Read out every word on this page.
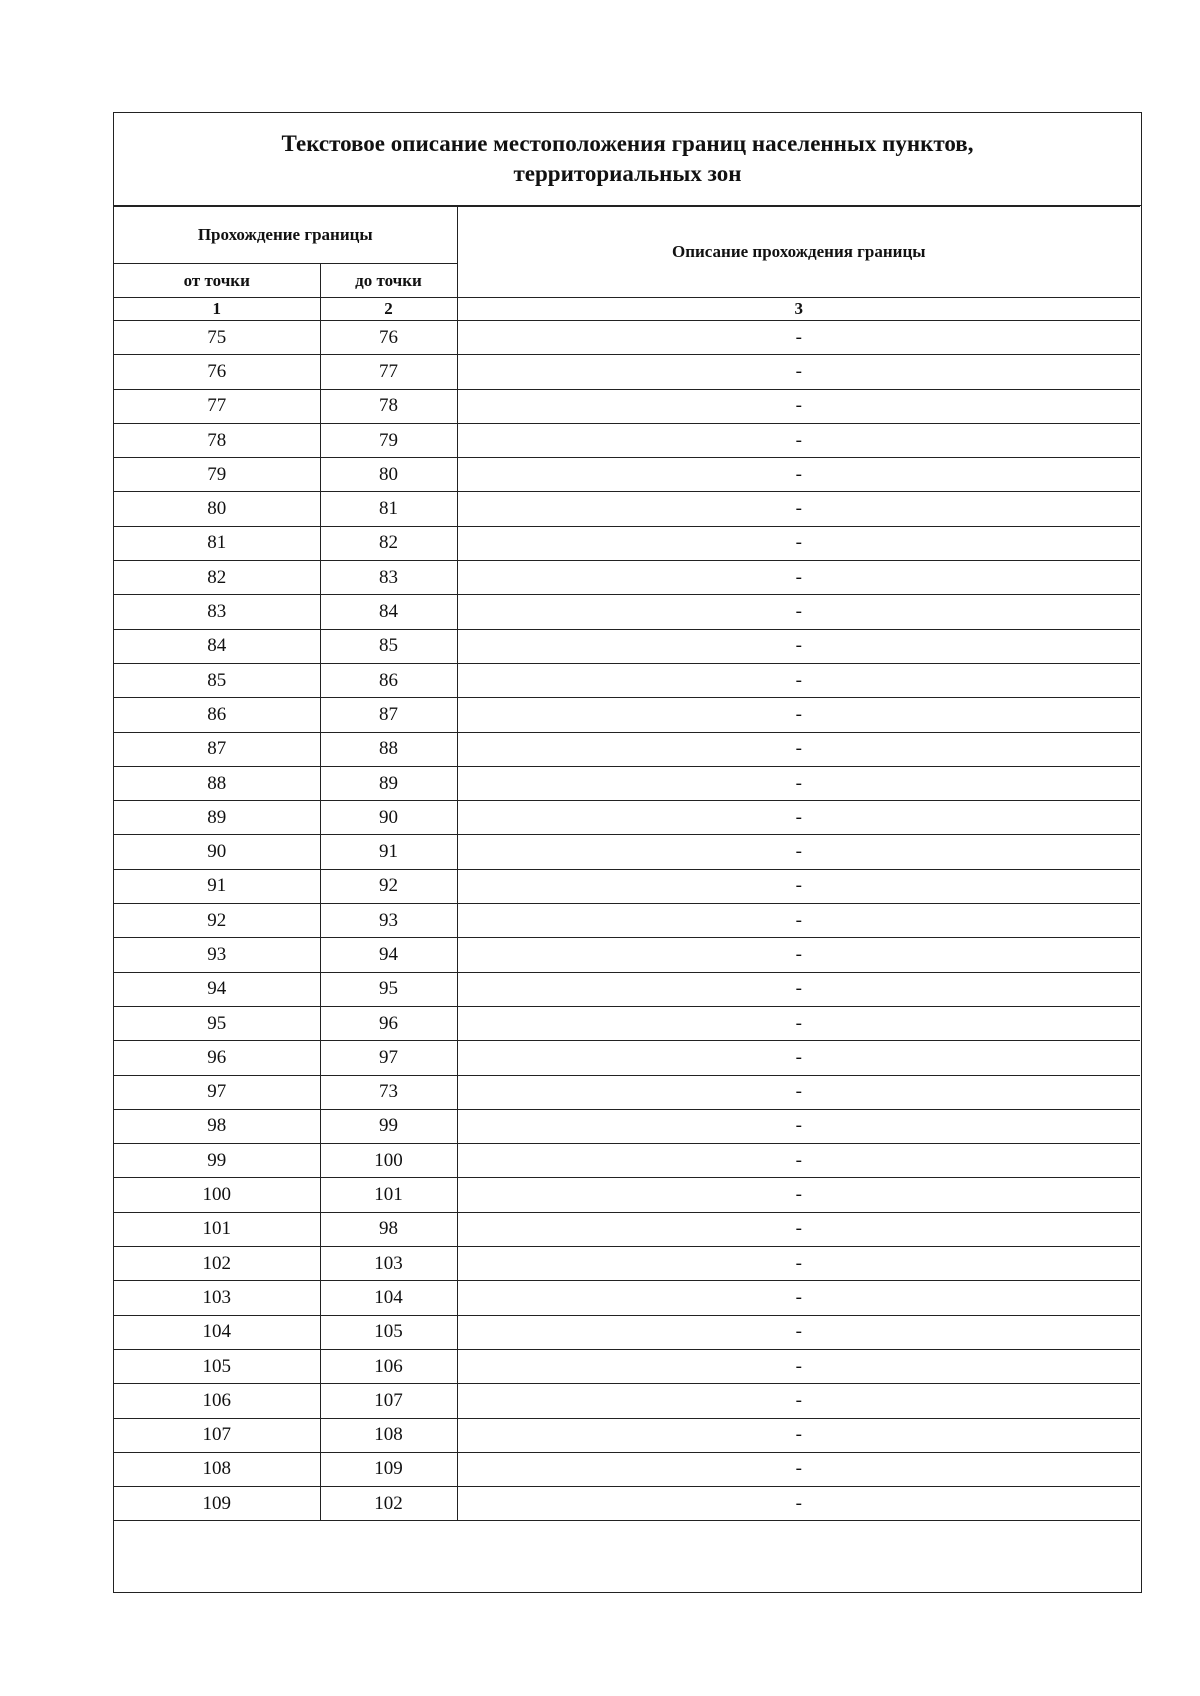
Текстовое описание местоположения границ населенных пунктов,
территориальных зон
Прохождение границы		Описание прохождения границы
от точки	до точки	
1	2	3
75	76	-
76	77	-
77	78	-
78	79	-
79	80	-
80	81	-
81	82	-
82	83	-
83	84	-
84	85	-
85	86	-
86	87	-
87	88	-
88	89	-
89	90	-
90	91	-
91	92	-
92	93	-
93	94	-
94	95	-
95	96	-
96	97	-
97	73	-
98	99	-
99	100	-
100	101	-
101	98	-
102	103	-
103	104	-
104	105	-
105	106	-
106	107	-
107	108	-
108	109	-
109	102	-
